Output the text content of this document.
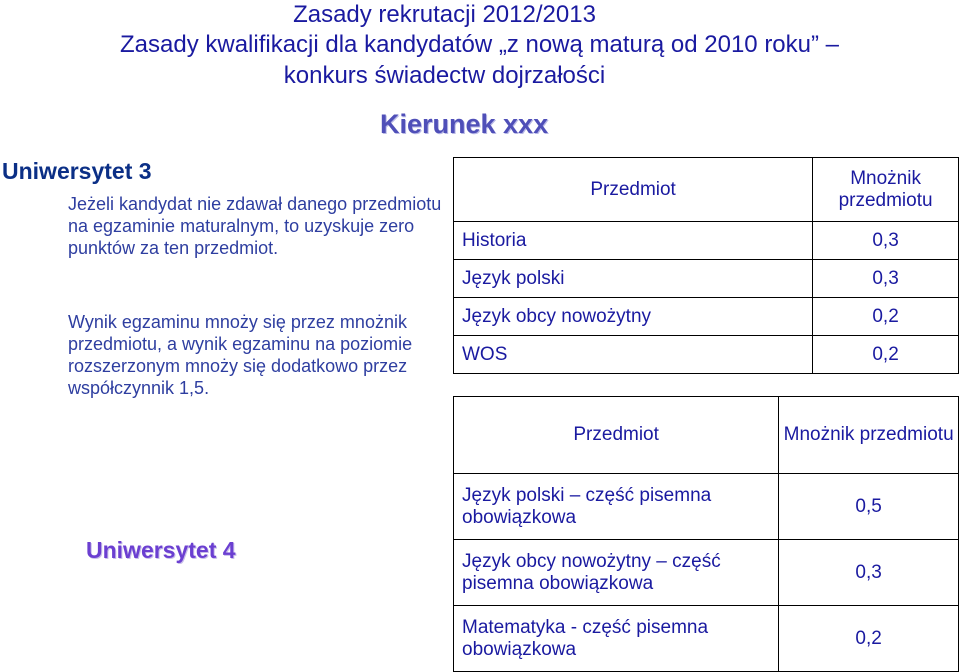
Zasady rekrutacji 2012/2013
Zasady kwalifikacji dla kandydatów „z nową maturą od 2010 roku” –
konkurs świadectw dojrzałości
Kierunek xxx
Uniwersytet 3

Jeżeli kandydat nie zdawał danego przedmiotu na egzaminie maturalnym, to uzyskuje zero punktów za ten przedmiot.

Wynik egzaminu mnoży się przez mnożnik przedmiotu, a wynik egzaminu na poziomie rozszerzonym mnoży się dodatkowo przez współczynnik 1,5.

Uniwersytet 4
Przedmiot	Mnożnik przedmiotu
Historia	0,3
Język polski	0,3
Język obcy nowożytny	0,2
WOS	0,2
Przedmiot	Mnożnik przedmiotu
Język polski – część pisemna obowiązkowa	0,5
Język obcy nowożytny – część pisemna obowiązkowa	0,3
Matematyka - część pisemna obowiązkowa	0,2
